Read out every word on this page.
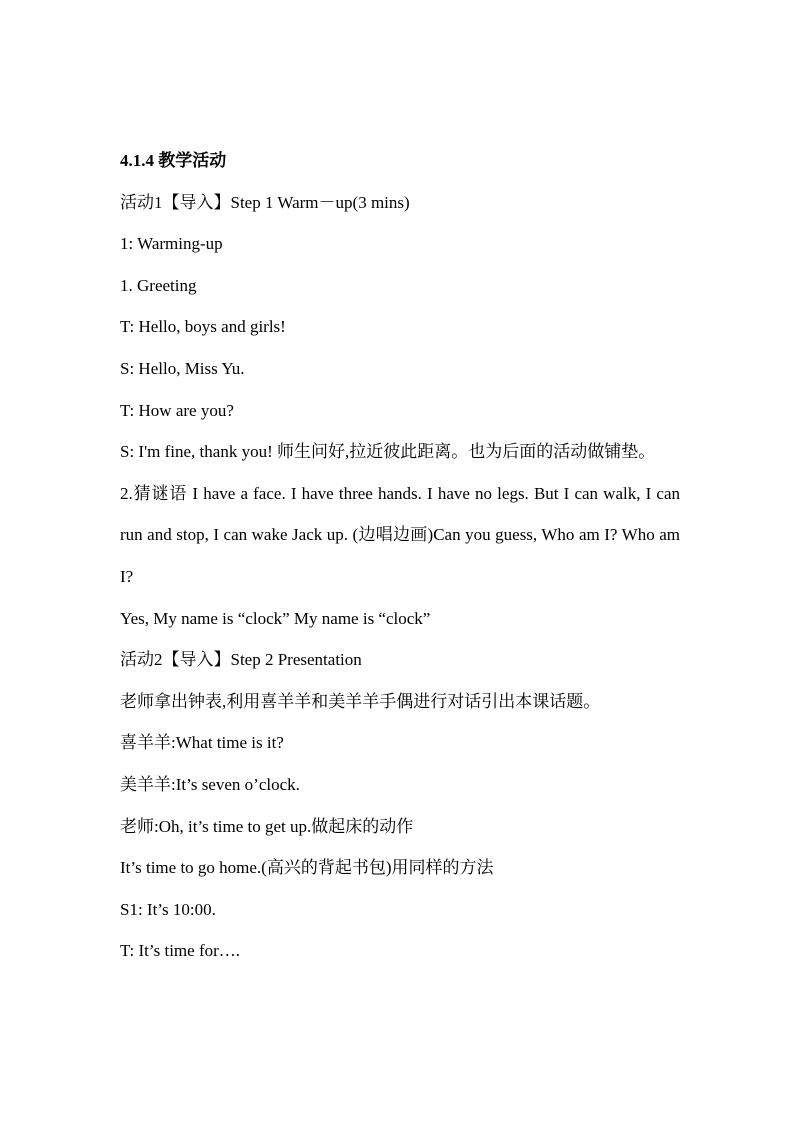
4.1.4 教学活动
活动1【导入】Step 1 Warm－up(3 mins)
1: Warming-up
1. Greeting
T: Hello, boys and girls!
S: Hello, Miss Yu.
T: How are you?
S: I'm fine, thank you! 师生问好,拉近彼此距离。也为后面的活动做铺垫。
2.猜谜语 I have a face. I have three hands. I have no legs. But I can walk, I can run and stop, I can wake Jack up. (边唱边画)Can you guess, Who am I? Who am I?
Yes, My name is “clock” My name is “clock”
活动2【导入】Step 2 Presentation
老师拿出钟表,利用喜羊羊和美羊羊手偶进行对话引出本课话题。
喜羊羊:What time is it?
美羊羊:It’s seven o’clock.
老师:Oh, it’s time to get up.做起床的动作
It’s time to go home.(高兴的背起书包)用同样的方法
S1: It’s 10:00.
T: It’s time for….
